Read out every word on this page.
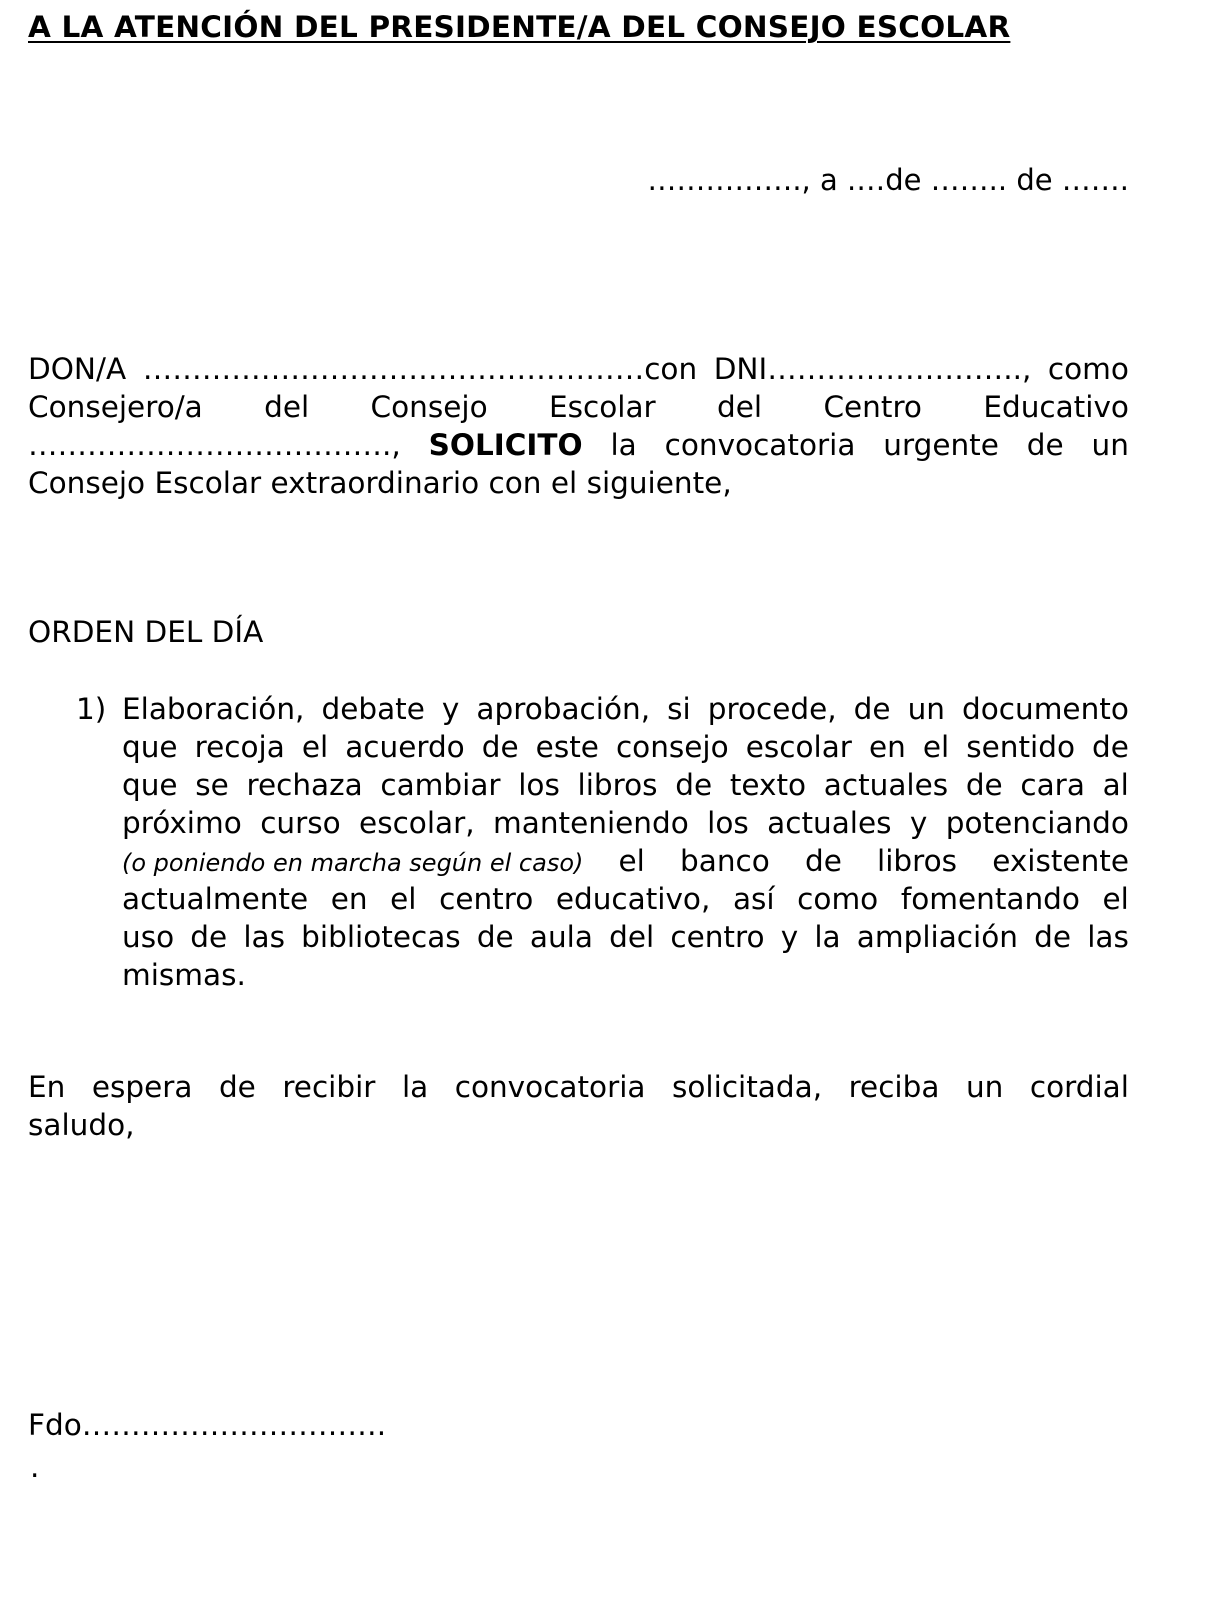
A LA ATENCIÓN DEL PRESIDENTE/A DEL CONSEJO ESCOLAR
……………., a .…de …….. de …….
DON/A ……………………………………………con DNI…………………….., como
Consejero/a del Consejo Escolar del Centro Educativo
………………………………., SOLICITO la convocatoria urgente de un
Consejo Escolar extraordinario con el siguiente,
ORDEN DEL DÍA
1) Elaboración, debate y aprobación, si procede, de un documento
que recoja el acuerdo de este consejo escolar en el sentido de
que se rechaza cambiar los libros de texto actuales de cara al
próximo curso escolar, manteniendo los actuales y potenciando
(o poniendo en marcha según el caso) el banco de libros existente
actualmente en el centro educativo, así como fomentando el
uso de las bibliotecas de aula del centro y la ampliación de las
mismas.
En espera de recibir la convocatoria solicitada, reciba un cordial
saludo,
Fdo………………………….
.
